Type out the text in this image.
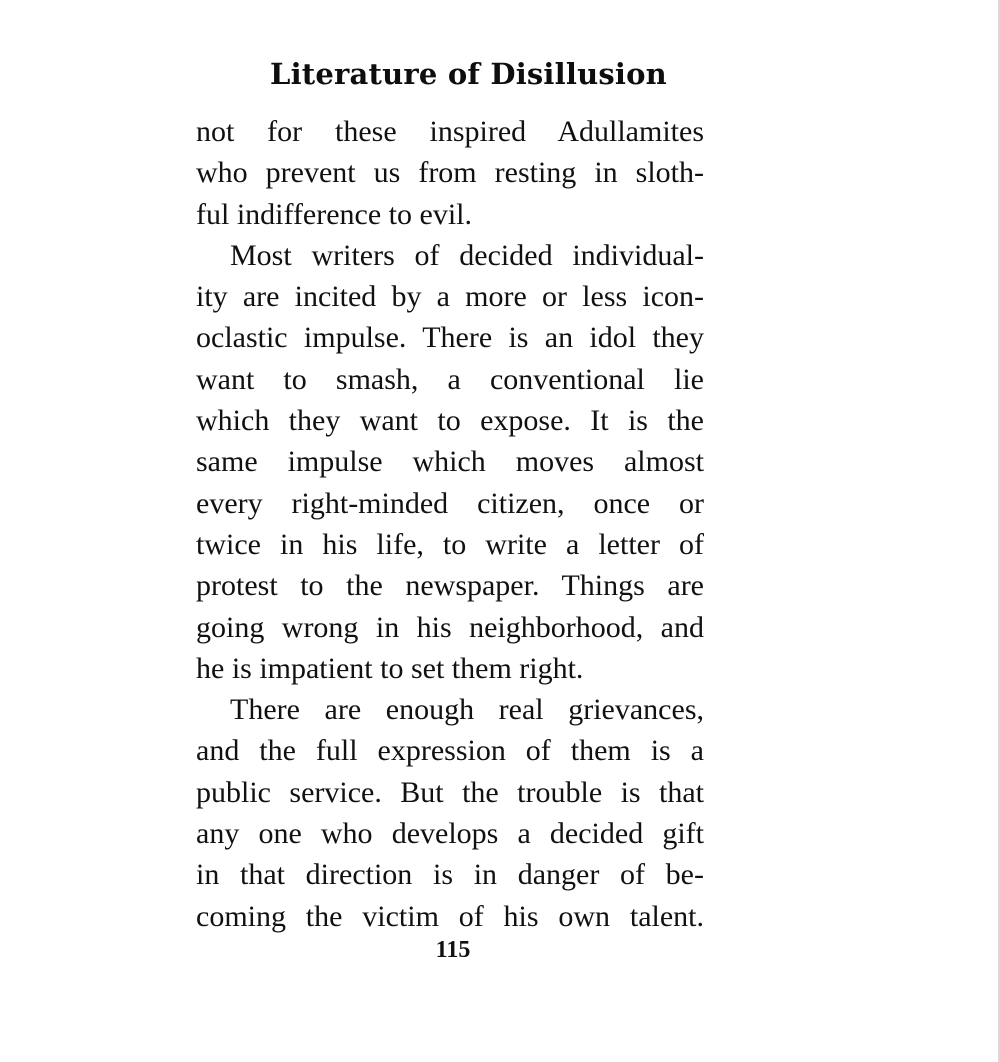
Literature of Disillusion
not for these inspired Adullamites
who prevent us from resting in sloth-
ful indifference to evil.
Most writers of decided individual-
ity are incited by a more or less icon-
oclastic impulse. There is an idol they
want to smash, a conventional lie
which they want to expose. It is the
same impulse which moves almost
every right-minded citizen, once or
twice in his life, to write a letter of
protest to the newspaper. Things are
going wrong in his neighborhood, and
he is impatient to set them right.
There are enough real grievances,
and the full expression of them is a
public service. But the trouble is that
any one who develops a decided gift
in that direction is in danger of be-
coming the victim of his own talent.
115
